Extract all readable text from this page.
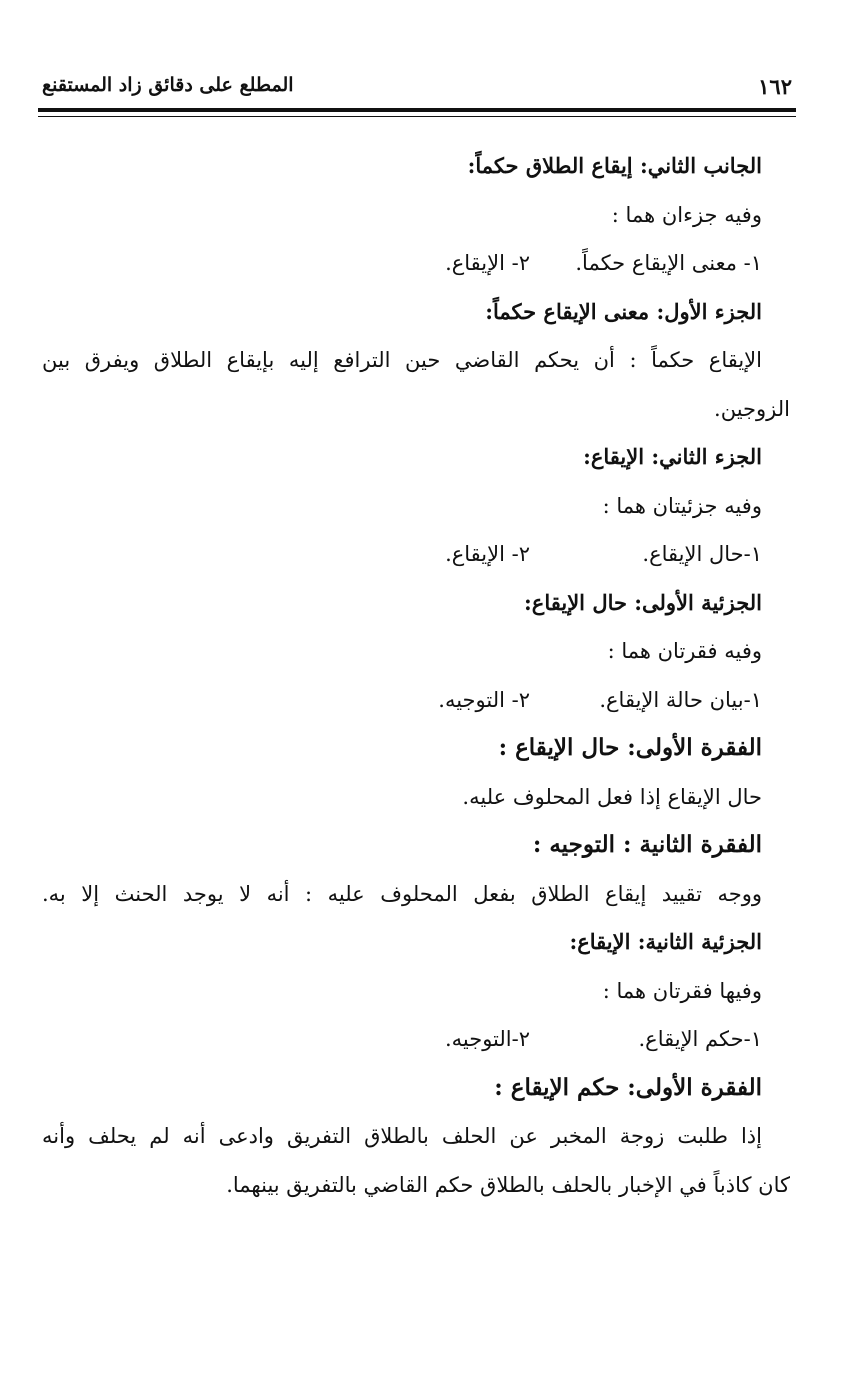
١٦٢
المطلع على دقائق زاد المستقنع
الجانب الثاني: إيقاع الطلاق حكماً:
وفيه جزءان هما :
١- معنى الإيقاع حكماً.
٢- الإيقاع.
الجزء الأول: معنى الإيقاع حكماً:
الإيقاع حكماً : أن يحكم القاضي حين الترافع إليه بإيقاع الطلاق ويفرق بين
الزوجين.
الجزء الثاني: الإيقاع:
وفيه جزئيتان هما :
١-حال الإيقاع.
٢- الإيقاع.
الجزئية الأولى: حال الإيقاع:
وفيه فقرتان هما :
١-بيان حالة الإيقاع.
٢- التوجيه.
الفقرة الأولى: حال الإيقاع :
حال الإيقاع إذا فعل المحلوف عليه.
الفقرة الثانية : التوجيه :
ووجه تقييد إيقاع الطلاق بفعل المحلوف عليه : أنه لا يوجد الحنث إلا به.
الجزئية الثانية: الإيقاع:
وفيها فقرتان هما :
١-حكم الإيقاع.
٢-التوجيه.
الفقرة الأولى: حكم الإيقاع :
إذا طلبت زوجة المخبر عن الحلف بالطلاق التفريق وادعى أنه لم يحلف وأنه
كان كاذباً في الإخبار بالحلف بالطلاق حكم القاضي بالتفريق بينهما.
